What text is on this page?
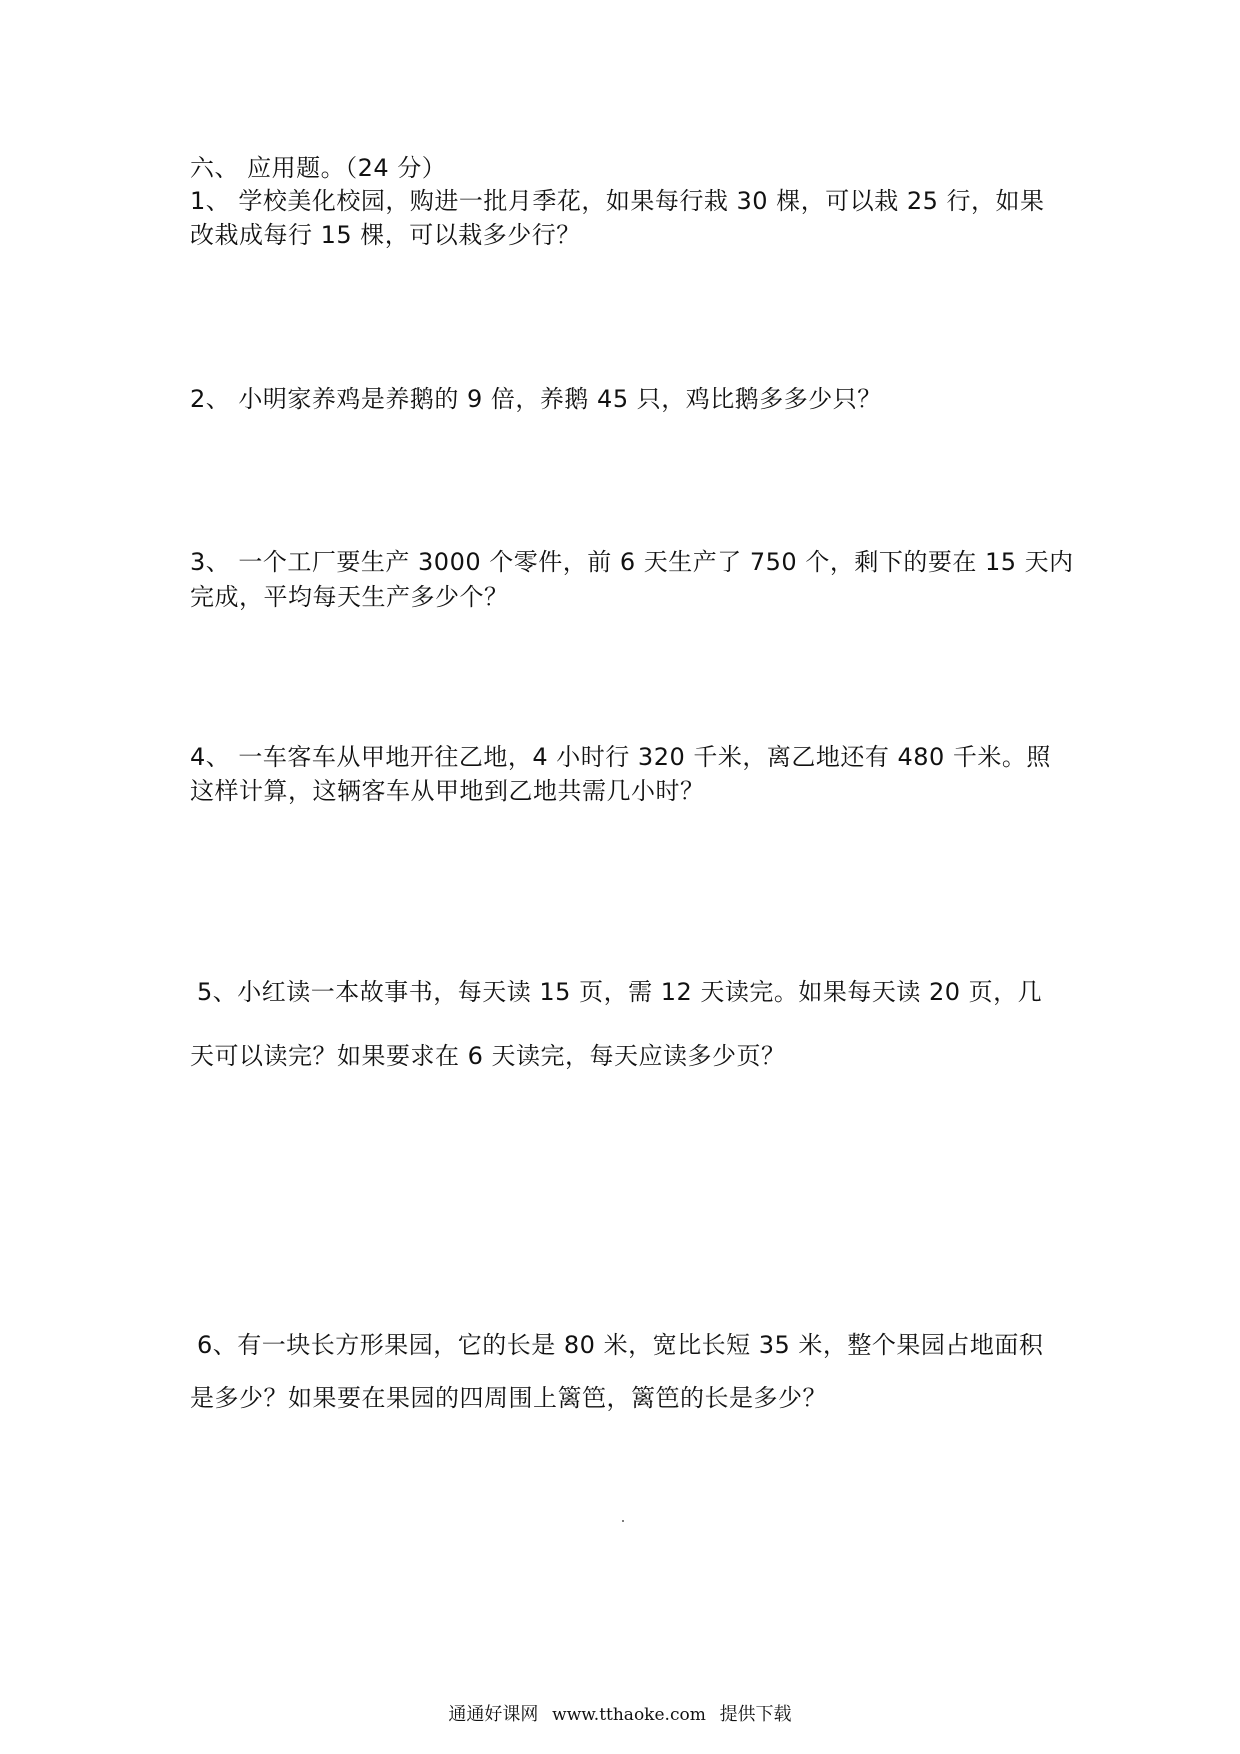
六、 应用题。（24 分）
1、 学校美化校园，购进一批月季花，如果每行栽 30 棵，可以栽 25 行，如果
改栽成每行 15 棵，可以栽多少行？
2、 小明家养鸡是养鹅的 9 倍，养鹅 45 只，鸡比鹅多多少只？
3、 一个工厂要生产 3000 个零件，前 6 天生产了 750 个，剩下的要在 15 天内
完成，平均每天生产多少个？
4、 一车客车从甲地开往乙地，4 小时行 320 千米，离乙地还有 480 千米。照
这样计算，这辆客车从甲地到乙地共需几小时？
5、小红读一本故事书，每天读 15 页，需 12 天读完。如果每天读 20 页，几
天可以读完？如果要求在 6 天读完，每天应读多少页？
6、有一块长方形果园，它的长是 80 米，宽比长短 35 米，整个果园占地面积
是多少？如果要在果园的四周围上篱笆，篱笆的长是多少？
通通好课网 www.tthaoke.com 提供下载
